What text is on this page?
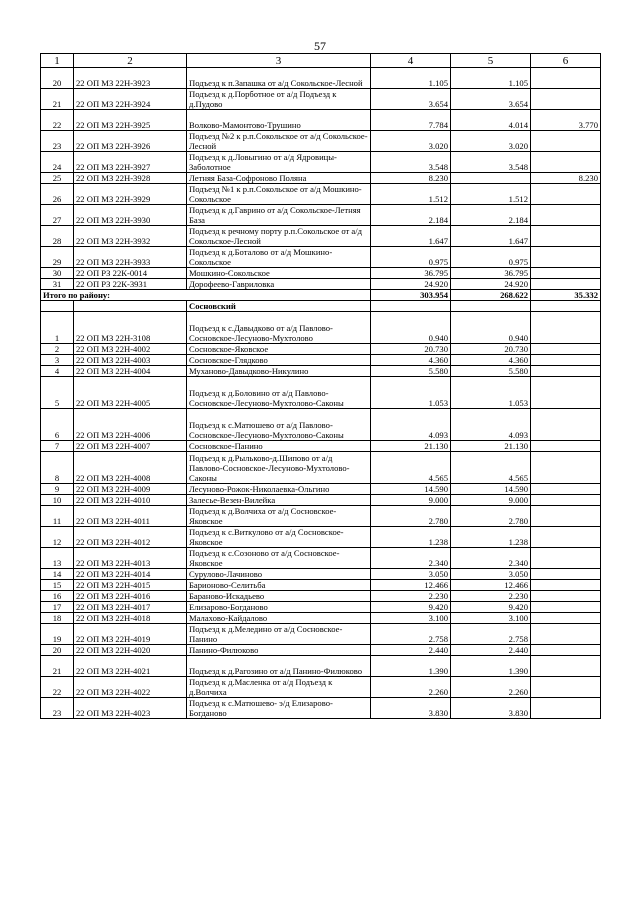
57
1	2	3	4	5	6
20	22 ОП МЗ 22Н-3923	Подъезд к п.Запашка от а/д Сокольское-Лесной	1.105	1.105	
21	22 ОП МЗ 22Н-3924	Подъезд к д.Порботное от а/д Подъезд к д.Пудово	3.654	3.654	
22	22 ОП МЗ 22Н-3925	Волково-Мамонтово-Трушино	7.784	4.014	3.770
23	22 ОП МЗ 22Н-3926	Подъезд №2 к р.п.Сокольское от а/д Сокольское-Лесной	3.020	3.020	
24	22 ОП МЗ 22Н-3927	Подъезд к д.Ловыгино от а/д Ядровицы-Заболотное	3.548	3.548	
25	22 ОП МЗ 22Н-3928	Летняя База-Софроново Поляна	8.230		8.230
26	22 ОП МЗ 22Н-3929	Подъезд №1 к р.п.Сокольское от а/д Мошкино-Сокольское	1.512	1.512	
27	22 ОП МЗ 22Н-3930	Подъезд к д.Гаврино от а/д Сокольское-Летняя База	2.184	2.184	
28	22 ОП МЗ 22Н-3932	Подъезд к речному порту р.п.Сокольское от а/д Сокольское-Лесной	1.647	1.647	
29	22 ОП МЗ 22Н-3933	Подъезд к д.Боталово от а/д Мошкино-Сокольское	0.975	0.975	
30	22 ОП РЗ 22К-0014	Мошкино-Сокольское	36.795	36.795	
31	22 ОП РЗ 22К-3931	Дорофеево-Гавриловка	24.920	24.920	
Итого по району:			303.954	268.622	35.332
		Сосновский			
1	22 ОП МЗ 22Н-3108	Подъезд к с.Давыдково от а/д Павлово-Сосновское-Лесуново-Мухтолово	0.940	0.940	
2	22 ОП МЗ 22Н-4002	Сосновское-Яковское	20.730	20.730	
3	22 ОП МЗ 22Н-4003	Сосновское-Глядково	4.360	4.360	
4	22 ОП МЗ 22Н-4004	Муханово-Давыдково-Никулино	5.580	5.580	
5	22 ОП МЗ 22Н-4005	Подъезд к д.Боловино от а/д Павлово-Сосновское-Лесуново-Мухтолово-Саконы	1.053	1.053	
6	22 ОП МЗ 22Н-4006	Подъезд к с.Матюшево от а/д Павлово-Сосновское-Лесуново-Мухтолово-Саконы	4.093	4.093	
7	22 ОП МЗ 22Н-4007	Сосновское-Панино	21.130	21.130	
8	22 ОП МЗ 22Н-4008	Подъезд к д.Рыльково-д.Шипово от а/д Павлово-Сосновское-Лесуново-Мухтолово-Саконы	4.565	4.565	
9	22 ОП МЗ 22Н-4009	Лесуново-Рожок-Николаевка-Ольгино	14.590	14.590	
10	22 ОП МЗ 22Н-4010	Залесье-Везен-Вилейка	9.000	9.000	
11	22 ОП МЗ 22Н-4011	Подъезд к д.Волчиха от а/д Сосновское-Яковское	2.780	2.780	
12	22 ОП МЗ 22Н-4012	Подъезд к с.Виткулово от а/д Сосновское-Яковское	1.238	1.238	
13	22 ОП МЗ 22Н-4013	Подъезд к с.Созоново от а/д Сосновское-Яковское	2.340	2.340	
14	22 ОП МЗ 22Н-4014	Сурулово-Лачиново	3.050	3.050	
15	22 ОП МЗ 22Н-4015	Барионово-Селитьба	12.466	12.466	
16	22 ОП МЗ 22Н-4016	Бараново-Искадьево	2.230	2.230	
17	22 ОП МЗ 22Н-4017	Елизарово-Богданово	9.420	9.420	
18	22 ОП МЗ 22Н-4018	Малахово-Кайдалово	3.100	3.100	
19	22 ОП МЗ 22Н-4019	Подъезд к д.Меледино от а/д Сосновское-Панино	2.758	2.758	
20	22 ОП МЗ 22Н-4020	Панино-Филюково	2.440	2.440	
21	22 ОП МЗ 22Н-4021	Подъезд к д.Рагозино от а/д Панино-Филюково	1.390	1.390	
22	22 ОП МЗ 22Н-4022	Подъезд к д.Масленка от а/д Подъезд к д.Волчиха	2.260	2.260	
23	22 ОП МЗ 22Н-4023	Подъезд к с.Матюшево- э/д Елизарово-Богданово	3.830	3.830	
